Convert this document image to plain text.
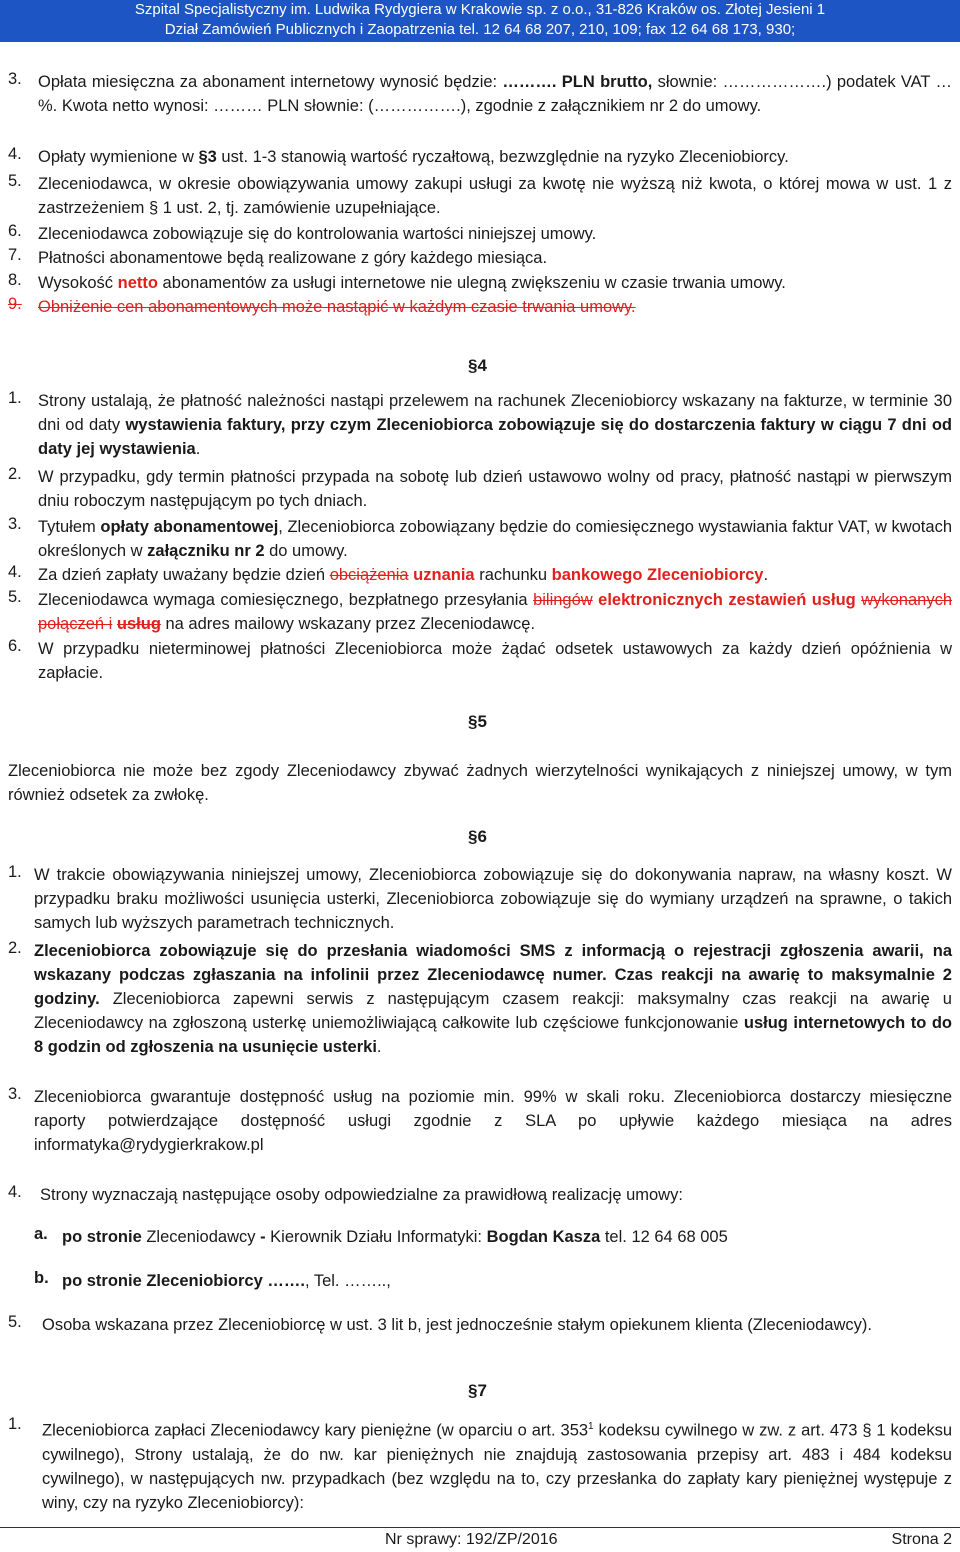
Szpital Specjalistyczny im. Ludwika Rydygiera w Krakowie sp. z o.o., 31-826 Kraków os. Złotej Jesieni 1
Dział Zamówień Publicznych i Zaopatrzenia tel. 12 64 68 207, 210, 109; fax 12 64 68 173, 930;
3. Opłata miesięczna za abonament internetowy wynosić będzie: ………. PLN brutto, słownie: ……………….) podatek VAT …%. Kwota netto wynosi: ……… PLN słownie: (…………….), zgodnie z załącznikiem nr 2 do umowy.
4. Opłaty wymienione w §3 ust. 1-3 stanowią wartość ryczałtową, bezwzględnie na ryzyko Zleceniobiorcy.
5. Zleceniodawca, w okresie obowiązywania umowy zakupi usługi za kwotę nie wyższą niż kwota, o której mowa w ust. 1 z zastrzeżeniem § 1 ust. 2, tj. zamówienie uzupełniające.
6. Zleceniodawca zobowiązuje się do kontrolowania wartości niniejszej umowy.
7. Płatności abonamentowe będą realizowane z góry każdego miesiąca.
8. Wysokość netto abonamentów za usługi internetowe nie ulegną zwiększeniu w czasie trwania umowy.
9. Obniżenie cen abonamentowych może nastąpić w każdym czasie trwania umowy.
§4
1. Strony ustalają, że płatność należności nastąpi przelewem na rachunek Zleceniobiorcy wskazany na fakturze, w terminie 30 dni od daty wystawienia faktury, przy czym Zleceniobiorca zobowiązuje się do dostarczenia faktury w ciągu 7 dni od daty jej wystawienia.
2. W przypadku, gdy termin płatności przypada na sobotę lub dzień ustawowo wolny od pracy, płatność nastąpi w pierwszym dniu roboczym następującym po tych dniach.
3. Tytułem opłaty abonamentowej, Zleceniobiorca zobowiązany będzie do comiesięcznego wystawiania faktur VAT, w kwotach określonych w załączniku nr 2 do umowy.
4. Za dzień zapłaty uważany będzie dzień obciążenia uznania rachunku bankowego Zleceniobiorcy.
5. Zleceniodawca wymaga comiesięcznego, bezpłatnego przesyłania bilingów elektronicznych zestawień usług wykonanych połączeń i usług na adres mailowy wskazany przez Zleceniodawcę.
6. W przypadku nieterminowej płatności Zleceniobiorca może żądać odsetek ustawowych za każdy dzień opóźnienia w zapłacie.
§5
Zleceniobiorca nie może bez zgody Zleceniodawcy zbywać żadnych wierzytelności wynikających z niniejszej umowy, w tym również odsetek za zwłokę.
§6
1. W trakcie obowiązywania niniejszej umowy, Zleceniobiorca zobowiązuje się do dokonywania napraw, na własny koszt. W przypadku braku możliwości usunięcia usterki, Zleceniobiorca zobowiązuje się do wymiany urządzeń na sprawne, o takich samych lub wyższych parametrach technicznych.
2. Zleceniobiorca zobowiązuje się do przesłania wiadomości SMS z informacją o rejestracji zgłoszenia awarii, na wskazany podczas zgłaszania na infolinii przez Zleceniodawcę numer. Czas reakcji na awarię to maksymalnie 2 godziny. Zleceniobiorca zapewni serwis z następującym czasem reakcji: maksymalny czas reakcji na awarię u Zleceniodawcy na zgłoszoną usterkę uniemożliwiającą całkowite lub częściowe funkcjonowanie usług internetowych to do 8 godzin od zgłoszenia na usunięcie usterki.
3. Zleceniobiorca gwarantuje dostępność usług na poziomie min. 99% w skali roku. Zleceniobiorca dostarczy miesięczne raporty potwierdzające dostępność usługi zgodnie z SLA po upływie każdego miesiąca na adres informatyka@rydygierkrakow.pl
4. Strony wyznaczają następujące osoby odpowiedzialne za prawidłową realizację umowy:
a. po stronie Zleceniodawcy - Kierownik Działu Informatyki: Bogdan Kasza tel. 12 64 68 005
b. po stronie Zleceniobiorcy ……., Tel. ……..,
5. Osoba wskazana przez Zleceniobiorcę w ust. 3 lit b, jest jednocześnie stałym opiekunem klienta (Zleceniodawcy).
§7
1. Zleceniobiorca zapłaci Zleceniodawcy kary pieniężne (w oparciu o art. $353^1$ kodeksu cywilnego w zw. z art. 473 § 1 kodeksu cywilnego), Strony ustalają, że do nw. kar pieniężnych nie znajdują zastosowania przepisy art. 483 i 484 kodeksu cywilnego), w następujących nw. przypadkach (bez względu na to, czy przesłanka do zapłaty kary pieniężnej występuje z winy, czy na ryzyko Zleceniobiorcy):
Nr sprawy: 192/ZP/2016	Strona 2
